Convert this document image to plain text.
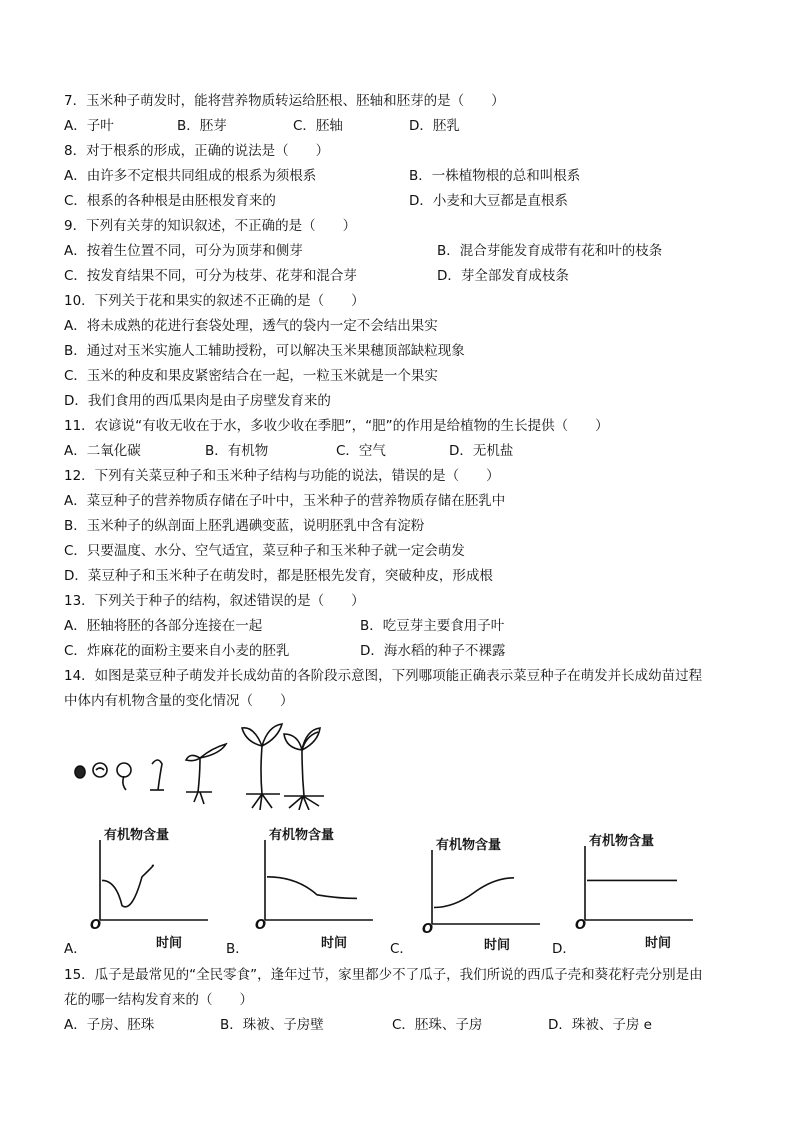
7．玉米种子萌发时，能将营养物质转运给胚根、胚轴和胚芽的是（　　）
A．子叶	B．胚芽	C．胚轴	D．胚乳
8．对于根系的形成，正确的说法是（　　）
A．由许多不定根共同组成的根系为须根系	B．一株植物根的总和叫根系
C．根系的各种根是由胚根发育来的	D．小麦和大豆都是直根系
9．下列有关芽的知识叙述，不正确的是（　　）
A．按着生位置不同，可分为顶芽和侧芽	B．混合芽能发育成带有花和叶的枝条
C．按发育结果不同，可分为枝芽、花芽和混合芽	D．芽全部发育成枝条
10．下列关于花和果实的叙述不正确的是（　　）
A．将未成熟的花进行套袋处理，透气的袋内一定不会结出果实
B．通过对玉米实施人工辅助授粉，可以解决玉米果穗顶部缺粒现象
C．玉米的种皮和果皮紧密结合在一起，一粒玉米就是一个果实
D．我们食用的西瓜果肉是由子房壁发育来的
11．农谚说“有收无收在于水，多收少收在季肥”，“肥”的作用是给植物的生长提供（　　）
A．二氧化碳	B．有机物	C．空气	D．无机盐
12．下列有关菜豆种子和玉米种子结构与功能的说法，错误的是（　　）
A．菜豆种子的营养物质存储在子叶中，玉米种子的营养物质存储在胚乳中
B．玉米种子的纵剖面上胚乳遇碘变蓝，说明胚乳中含有淀粉
C．只要温度、水分、空气适宜，菜豆种子和玉米种子就一定会萌发
D．菜豆种子和玉米种子在萌发时，都是胚根先发育，突破种皮，形成根
13．下列关于种子的结构，叙述错误的是（　　）
A．胚轴将胚的各部分连接在一起	B．吃豆芽主要食用子叶
C．炸麻花的面粉主要来自小麦的胚乳	D．海水稻的种子不裸露
14．如图是菜豆种子萌发并长成幼苗的各阶段示意图，下列哪项能正确表示菜豆种子在萌发并长成幼苗过程
中体内有机物含量的变化情况（　　）
有机物含量
O
时间
有机物含量
O
时间
有机物含量
O
时间
有机物含量
O
时间
A．	B．	C．	D．
15．瓜子是最常见的“全民零食”，逢年过节，家里都少不了瓜子，我们所说的西瓜子壳和葵花籽壳分别是由
花的哪一结构发育来的（　　）
A．子房、胚珠	B．珠被、子房壁	C．胚珠、子房	D．珠被、子房 e
